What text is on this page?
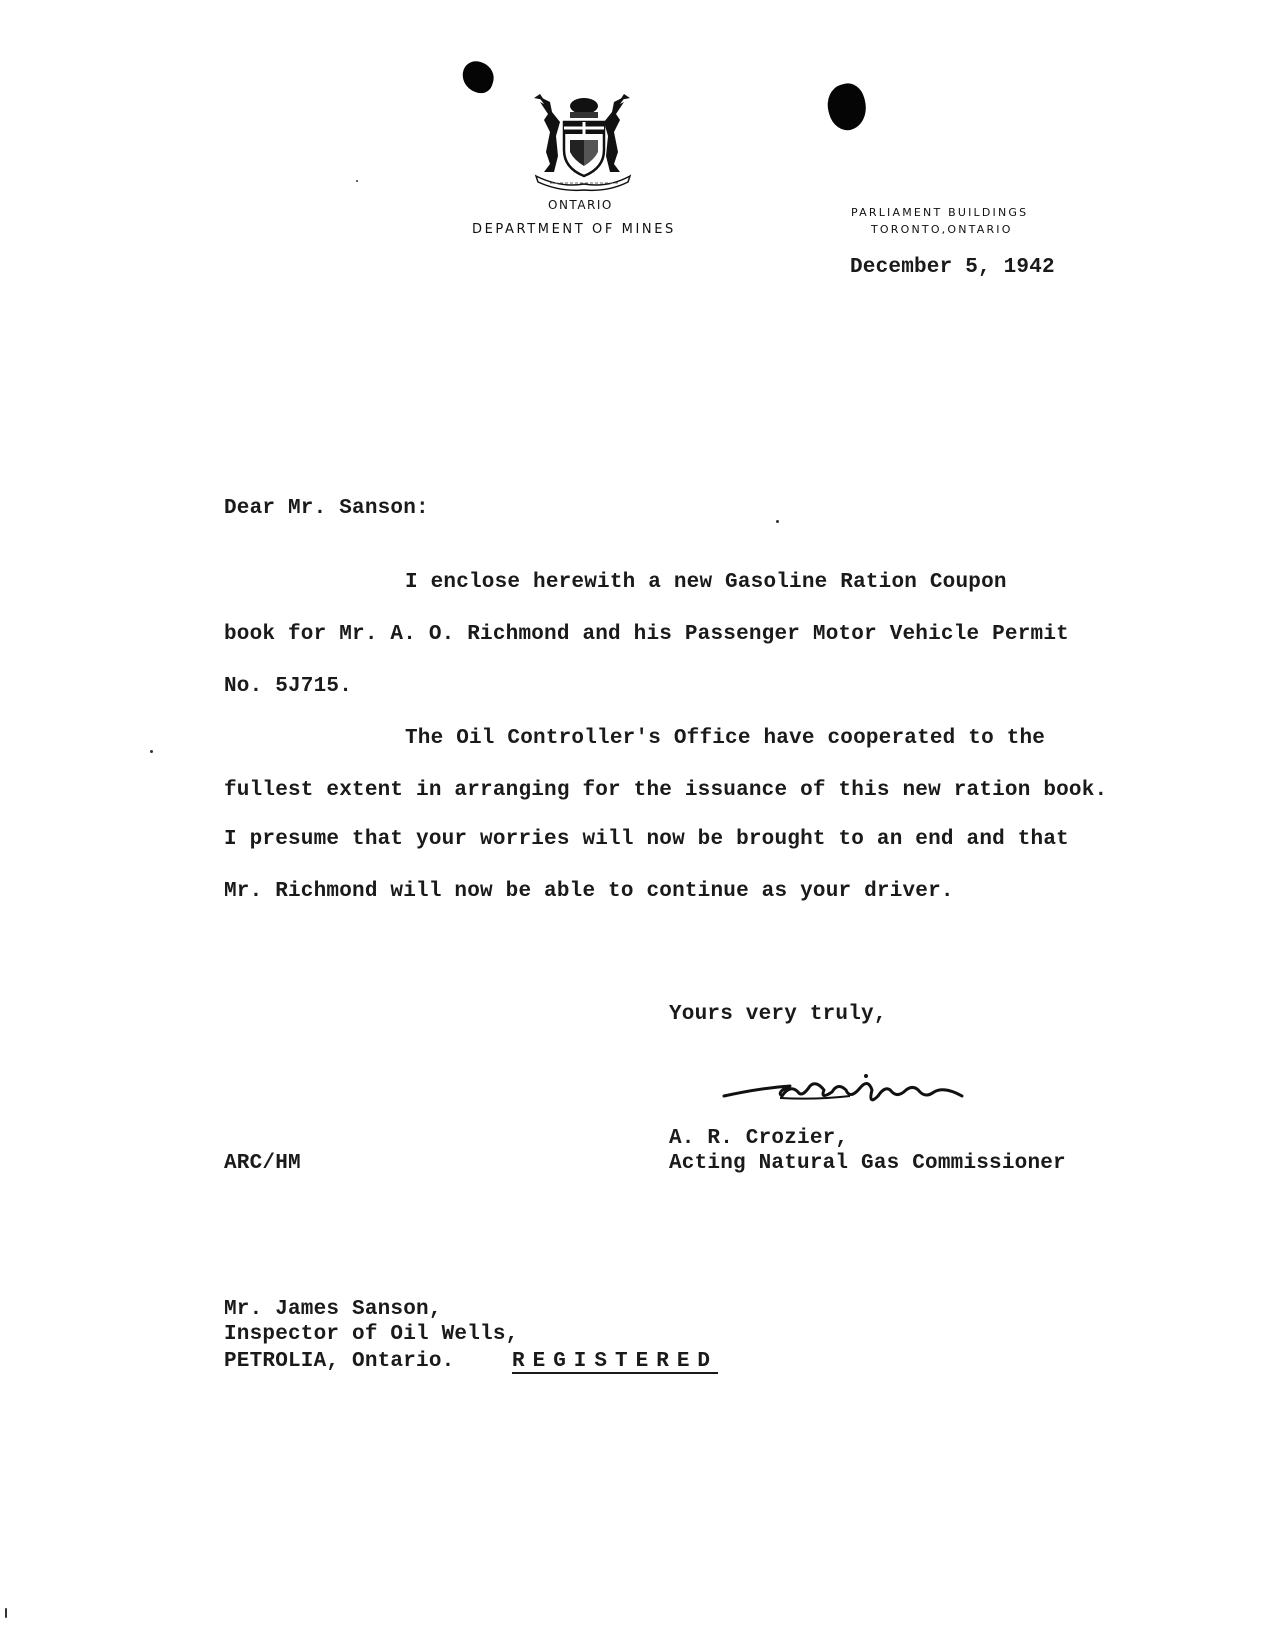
ONTARIO
DEPARTMENT OF MINES
PARLIAMENT BUILDINGS
TORONTO,ONTARIO
December 5, 1942
Dear Mr. Sanson:
I enclose herewith a new Gasoline Ration Coupon
book for Mr. A. O. Richmond and his Passenger Motor Vehicle Permit
No. 5J715.
The Oil Controller's Office have cooperated to the
fullest extent in arranging for the issuance of this new ration book.
I presume that your worries will now be brought to an end and that
Mr. Richmond will now be able to continue as your driver.
Yours very truly,
A. R. Crozier,
Acting Natural Gas Commissioner
ARC/HM
Mr. James Sanson,
Inspector of Oil Wells,
PETROLIA, Ontario.	REGISTERED
